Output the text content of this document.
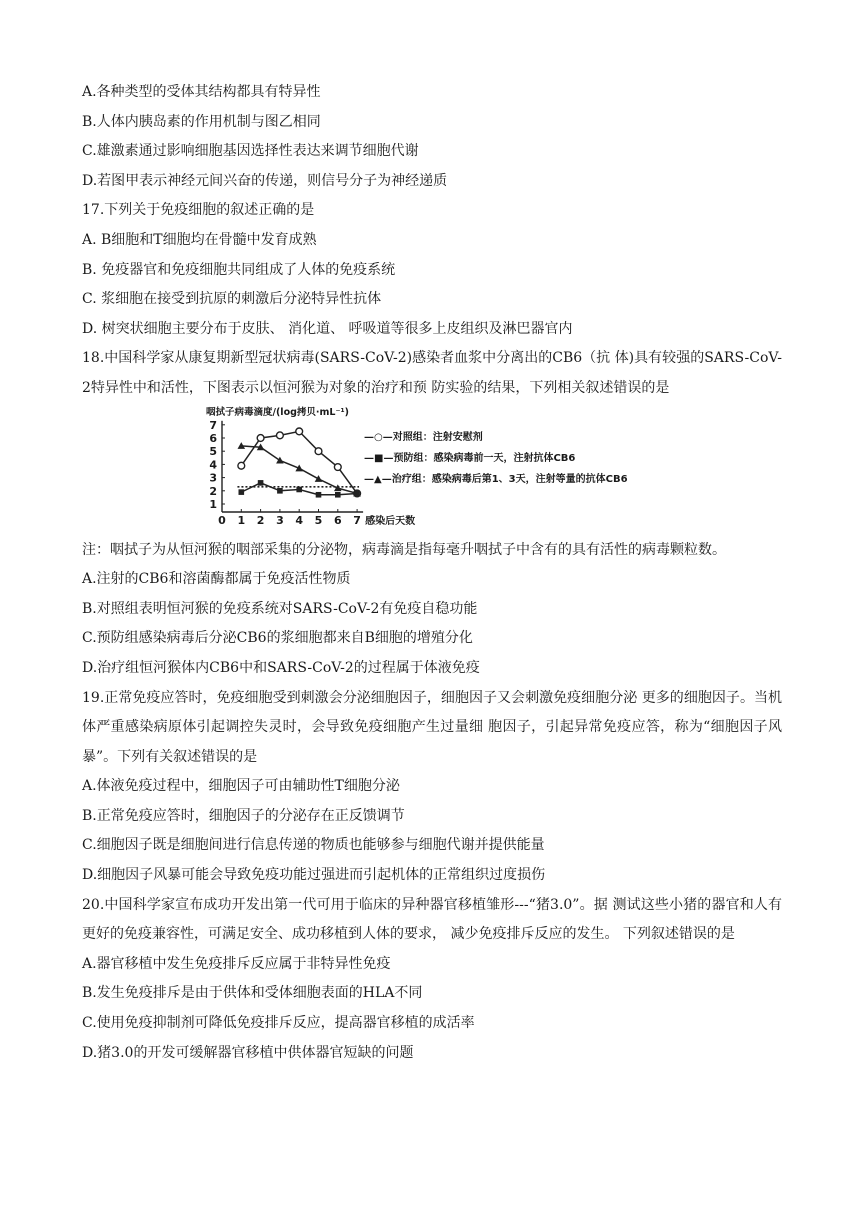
A.各种类型的受体其结构都具有特异性
B.人体内胰岛素的作用机制与图乙相同
C.雄激素通过影响细胞基因选择性表达来调节细胞代谢
D.若图甲表示神经元间兴奋的传递，则信号分子为神经递质
17.下列关于免疫细胞的叙述正确的是
A. B细胞和T细胞均在骨髓中发育成熟
B. 免疫器官和免疫细胞共同组成了人体的免疫系统
C. 浆细胞在接受到抗原的刺激后分泌特异性抗体
D. 树突状细胞主要分布于皮肤、 消化道、 呼吸道等很多上皮组织及淋巴器官内
18.中国科学家从康复期新型冠状病毒(SARS-CoV-2)感染者血浆中分离出的CB6（抗 体)具有较强的SARS-CoV-2特异性中和活性，下图表示以恒河猴为对象的治疗和预 防实验的结果，下列相关叙述错误的是
咽拭子病毒滴度/(log拷贝·mL⁻¹)
1
2
3
4
5
6
7
0 1 2 3 4 5 6 7 感染后天数
—○—对照组：注射安慰剂
—■—预防组：感染病毒前一天，注射抗体CB6
—▲—治疗组：感染病毒后第1、3天，注射等量的抗体CB6
注：咽拭子为从恒河猴的咽部采集的分泌物，病毒滴是指每毫升咽拭子中含有的具有活性的病毒颗粒数。
A.注射的CB6和溶菌酶都属于免疫活性物质
B.对照组表明恒河猴的免疫系统对SARS-CoV-2有免疫自稳功能
C.预防组感染病毒后分泌CB6的浆细胞都来自B细胞的增殖分化
D.治疗组恒河猴体内CB6中和SARS-CoV-2的过程属于体液免疫
19.正常免疫应答时，免疫细胞受到刺激会分泌细胞因子，细胞因子又会刺激免疫细胞分泌 更多的细胞因子。当机体严重感染病原体引起调控失灵时，会导致免疫细胞产生过量细 胞因子，引起异常免疫应答，称为“细胞因子风暴”。下列有关叙述错误的是
A.体液免疫过程中，细胞因子可由辅助性T细胞分泌
B.正常免疫应答时，细胞因子的分泌存在正反馈调节
C.细胞因子既是细胞间进行信息传递的物质也能够参与细胞代谢并提供能量
D.细胞因子风暴可能会导致免疫功能过强进而引起机体的正常组织过度损伤
20.中国科学家宣布成功开发出第一代可用于临床的异种器官移植雏形---“猪3.0”。据 测试这些小猪的器官和人有更好的免疫兼容性，可满足安全、成功移植到人体的要求， 减少免疫排斥反应的发生。 下列叙述错误的是
A.器官移植中发生免疫排斥反应属于非特异性免疫
B.发生免疫排斥是由于供体和受体细胞表面的HLA不同
C.使用免疫抑制剂可降低免疫排斥反应，提高器官移植的成活率
D.猪3.0的开发可缓解器官移植中供体器官短缺的问题
